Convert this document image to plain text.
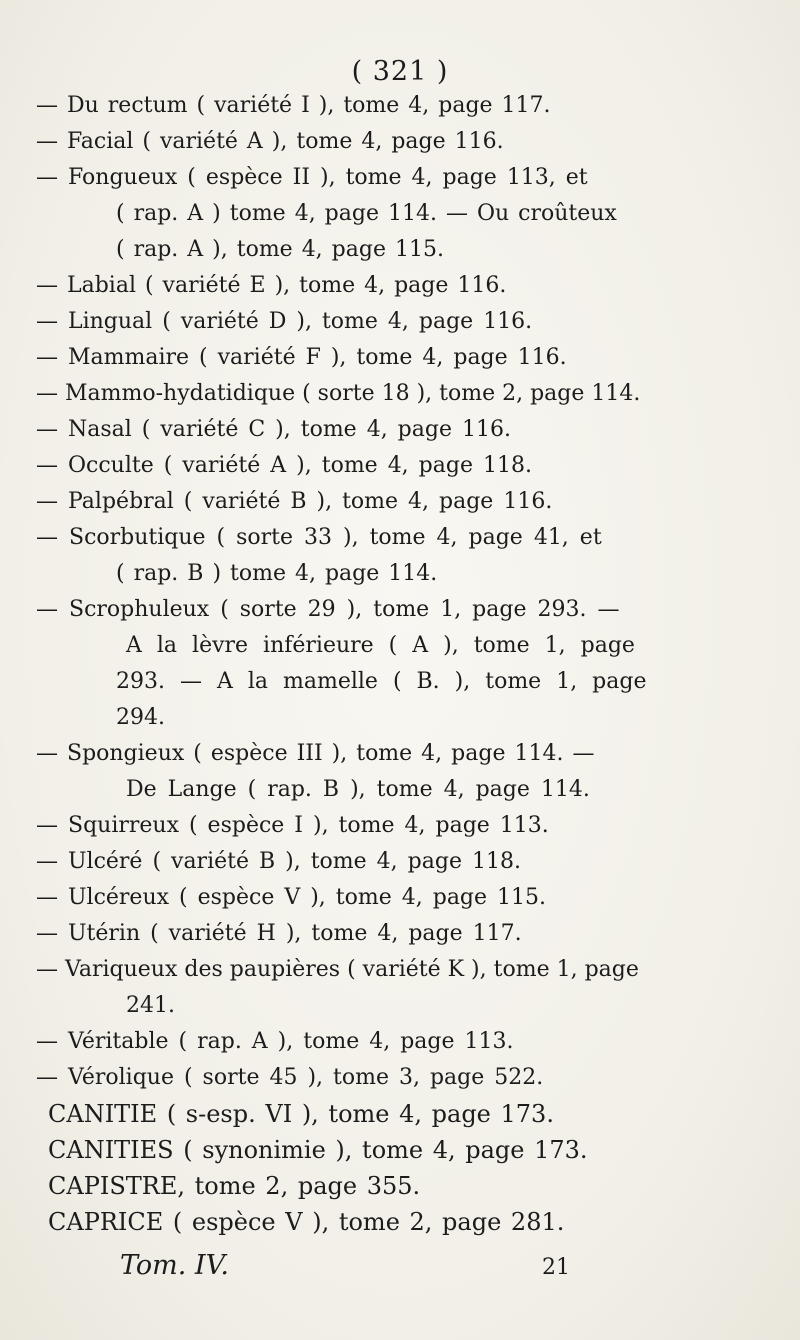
( 321 )
— Du rectum ( variété I ), tome 4, page 117.
— Facial ( variété A ), tome 4, page 116.
— Fongueux ( espèce II ), tome 4, page 113, et
( rap. A ) tome 4, page 114. — Ou croûteux
( rap. A ), tome 4, page 115.
— Labial ( variété E ), tome 4, page 116.
— Lingual ( variété D ), tome 4, page 116.
— Mammaire ( variété F ), tome 4, page 116.
— Mammo-hydatidique ( sorte 18 ), tome 2, page 114.
— Nasal ( variété C ), tome 4, page 116.
— Occulte ( variété A ), tome 4, page 118.
— Palpébral ( variété B ), tome 4, page 116.
— Scorbutique ( sorte 33 ), tome 4, page 41, et
( rap. B ) tome 4, page 114.
— Scrophuleux ( sorte 29 ), tome 1, page 293. —
A la lèvre inférieure ( A ), tome 1, page
293. — A la mamelle ( B. ), tome 1, page
294.
— Spongieux ( espèce III ), tome 4, page 114. —
De Lange ( rap. B ), tome 4, page 114.
— Squirreux ( espèce I ), tome 4, page 113.
— Ulcéré ( variété B ), tome 4, page 118.
— Ulcéreux ( espèce V ), tome 4, page 115.
— Utérin ( variété H ), tome 4, page 117.
— Variqueux des paupières ( variété K ), tome 1, page
241.
— Véritable ( rap. A ), tome 4, page 113.
— Vérolique ( sorte 45 ), tome 3, page 522.
CANITIE ( s-esp. VI ), tome 4, page 173.
CANITIES ( synonimie ), tome 4, page 173.
CAPISTRE, tome 2, page 355.
CAPRICE ( espèce V ), tome 2, page 281.
Tom. IV.	21
